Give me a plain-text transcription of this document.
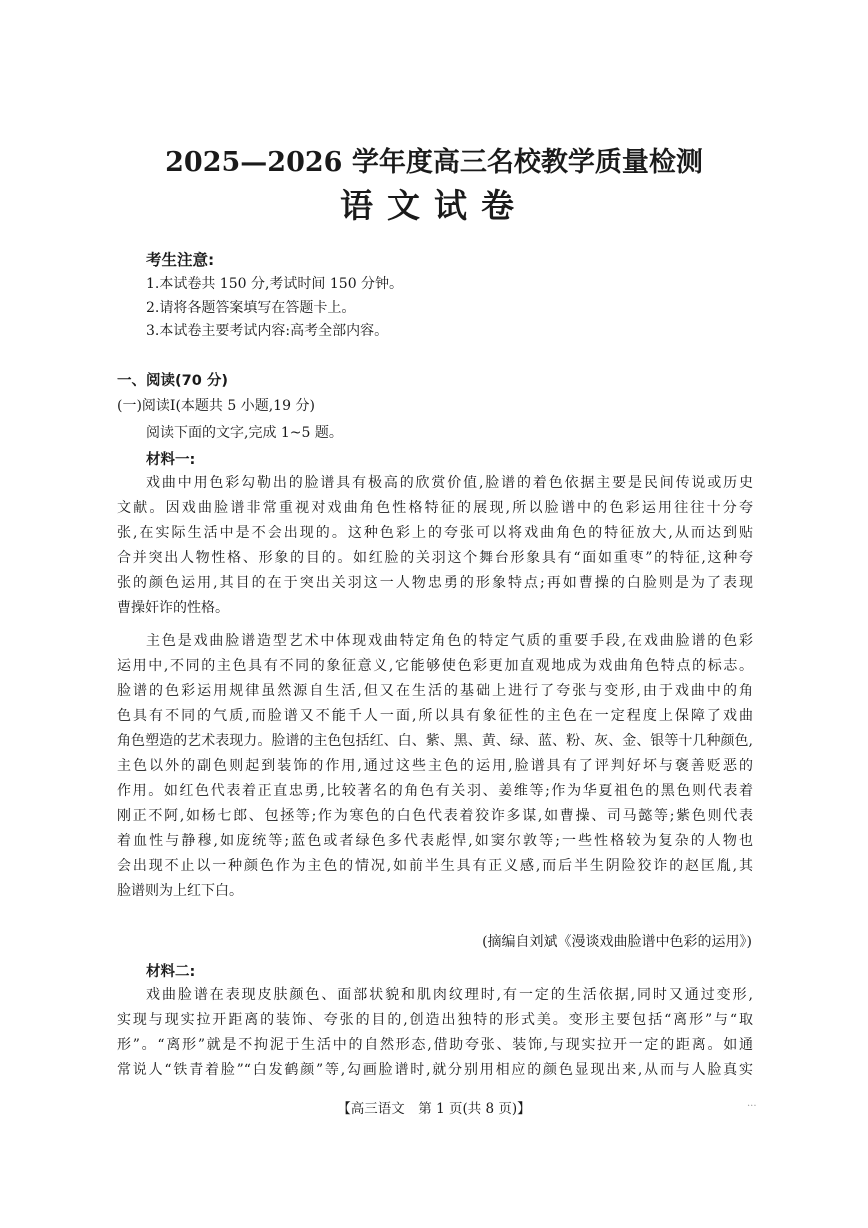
2025—2026 学年度高三名校教学质量检测
语文试卷
考生注意:
1.本试卷共 150 分,考试时间 150 分钟。
2.请将各题答案填写在答题卡上。
3.本试卷主要考试内容:高考全部内容。
一、阅读(70 分)
(一)阅读Ⅰ(本题共 5 小题,19 分)
阅读下面的文字,完成 1~5 题。
材料一:
戏曲中用色彩勾勒出的脸谱具有极高的欣赏价值,脸谱的着色依据主要是民间传说或历史
文献。因戏曲脸谱非常重视对戏曲角色性格特征的展现,所以脸谱中的色彩运用往往十分夸
张,在实际生活中是不会出现的。这种色彩上的夸张可以将戏曲角色的特征放大,从而达到贴
合并突出人物性格、形象的目的。如红脸的关羽这个舞台形象具有“面如重枣”的特征,这种夸
张的颜色运用,其目的在于突出关羽这一人物忠勇的形象特点;再如曹操的白脸则是为了表现
曹操奸诈的性格。
主色是戏曲脸谱造型艺术中体现戏曲特定角色的特定气质的重要手段,在戏曲脸谱的色彩
运用中,不同的主色具有不同的象征意义,它能够使色彩更加直观地成为戏曲角色特点的标志。
脸谱的色彩运用规律虽然源自生活,但又在生活的基础上进行了夸张与变形,由于戏曲中的角
色具有不同的气质,而脸谱又不能千人一面,所以具有象征性的主色在一定程度上保障了戏曲
角色塑造的艺术表现力。脸谱的主色包括红、白、紫、黑、黄、绿、蓝、粉、灰、金、银等十几种颜色,
主色以外的副色则起到装饰的作用,通过这些主色的运用,脸谱具有了评判好坏与褒善贬恶的
作用。如红色代表着正直忠勇,比较著名的角色有关羽、姜维等;作为华夏祖色的黑色则代表着
刚正不阿,如杨七郎、包拯等;作为寒色的白色代表着狡诈多谋,如曹操、司马懿等;紫色则代表
着血性与静穆,如庞统等;蓝色或者绿色多代表彪悍,如窦尔敦等;一些性格较为复杂的人物也
会出现不止以一种颜色作为主色的情况,如前半生具有正义感,而后半生阴险狡诈的赵匡胤,其
脸谱则为上红下白。
(摘编自刘斌《漫谈戏曲脸谱中色彩的运用》)
材料二:
戏曲脸谱在表现皮肤颜色、面部状貌和肌肉纹理时,有一定的生活依据,同时又通过变形,
实现与现实拉开距离的装饰、夸张的目的,创造出独特的形式美。变形主要包括“离形”与“取
形”。“离形”就是不拘泥于生活中的自然形态,借助夸张、装饰,与现实拉开一定的距离。如通
常说人“铁青着脸”“白发鹤颜”等,勾画脸谱时,就分别用相应的颜色显现出来,从而与人脸真实
【高三语文　第 1 页(共 8 页)】	...
